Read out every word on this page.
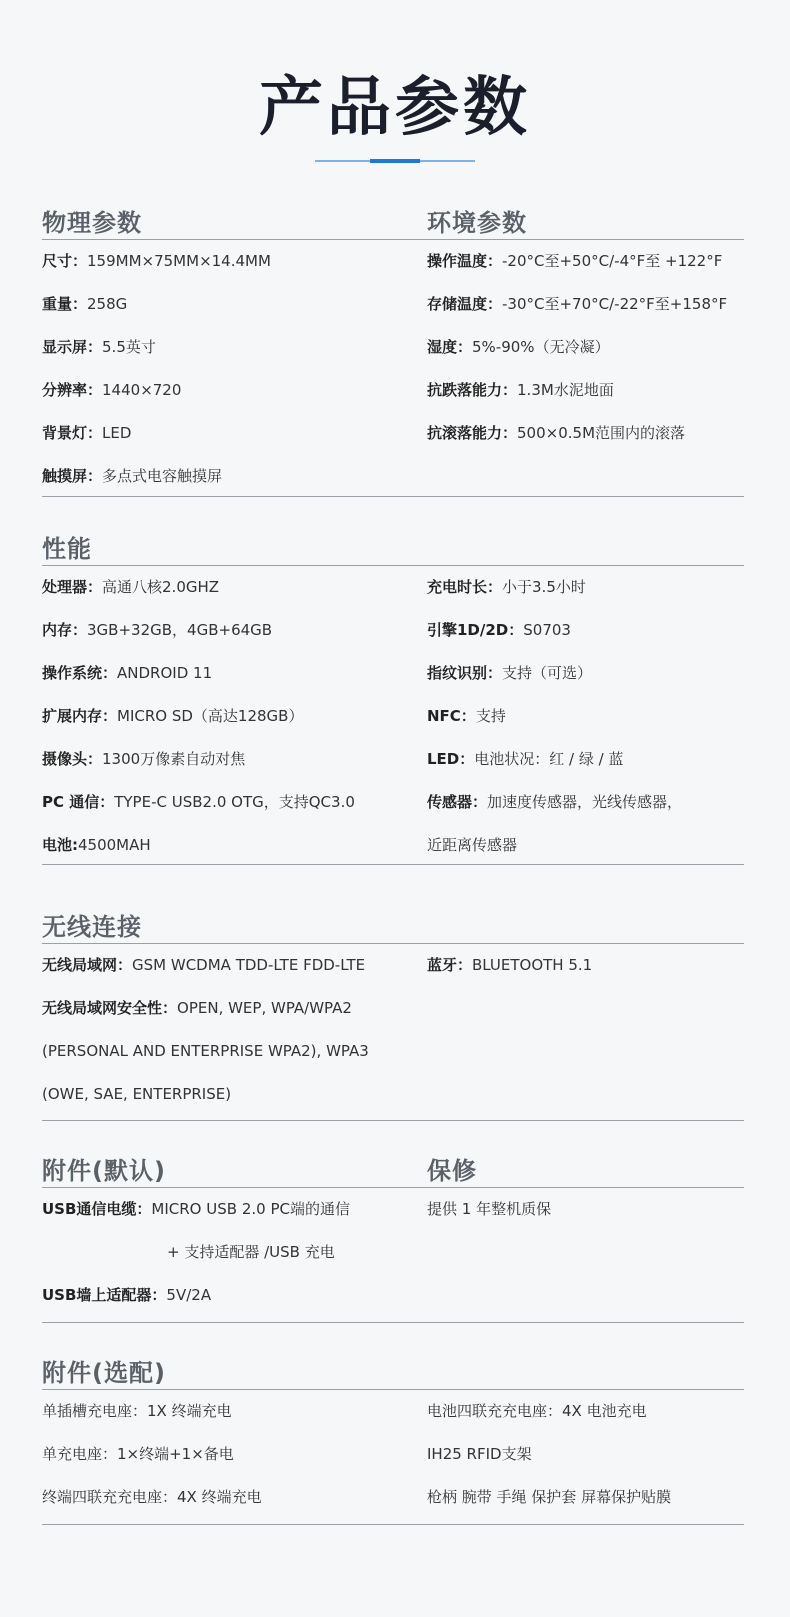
产品参数
物理参数	环境参数
尺寸：159MM×75MM×14.4MM
重量：258G
显示屏：5.5英寸
分辨率：1440×720
背景灯：LED
触摸屏：多点式电容触摸屏
操作温度：-20°C至+50°C/-4°F至 +122°F
存储温度：-30°C至+70°C/-22°F至+158°F
湿度：5%-90%（无冷凝）
抗跌落能力：1.3M水泥地面
抗滚落能力：500×0.5M范围内的滚落
性能
处理器：高通八核2.0GHZ
内存：3GB+32GB，4GB+64GB
操作系统：ANDROID 11
扩展内存：MICRO SD（高达128GB）
摄像头：1300万像素自动对焦
PC 通信：TYPE-C USB2.0 OTG，支持QC3.0
电池:4500MAH
充电时长：小于3.5小时
引擎1D/2D：S0703
指纹识别：支持（可选）
NFC：支持
LED：电池状况：红 / 绿 / 蓝
传感器：加速度传感器，光线传感器，
近距离传感器
无线连接
无线局域网：GSM WCDMA TDD-LTE FDD-LTE
无线局域网安全性：OPEN, WEP, WPA/WPA2
(PERSONAL AND ENTERPRISE WPA2), WPA3
(OWE, SAE, ENTERPRISE)
蓝牙：BLUETOOTH 5.1
附件(默认)	保修
USB通信电缆：MICRO USB 2.0 PC端的通信
+ 支持适配器 /USB 充电
USB墙上适配器：5V/2A
提供 1 年整机质保
附件(选配)
单插槽充电座：1X 终端充电
单充电座：1×终端+1×备电
终端四联充充电座：4X 终端充电
电池四联充充电座：4X 电池充电
IH25 RFID支架
枪柄 腕带 手绳 保护套 屏幕保护贴膜
